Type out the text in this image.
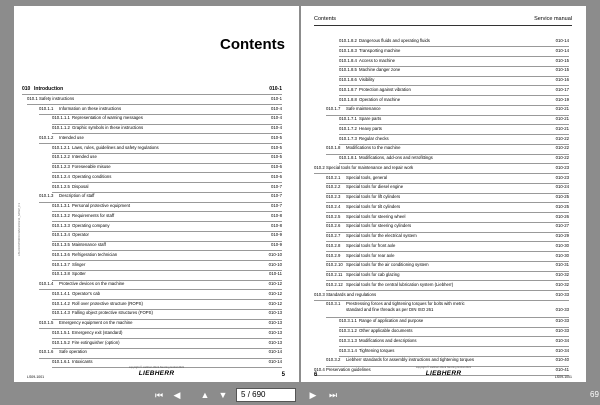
Contents
LBH/10665906/V9/EN/20211_MNW_C1
010 Introduction	010-1
010.1 Safety instructions	010-1
010.1.1 Information on these instructions	010-4
010.1.1.1 Representation of warning messages	010-4
010.1.1.2 Graphic symbols in these instructions	010-4
010.1.2 Intended use	010-5
010.1.2.1 Laws, rules, guidelines and safety regulations	010-5
010.1.2.2 Intended use	010-5
010.1.2.3 Foreseeable misuse	010-6
010.1.2.4 Operating conditions	010-6
010.1.2.5 Disposal	010-7
010.1.3 Description of staff	010-7
010.1.3.1 Personal protective equipment	010-7
010.1.3.2 Requirements for staff	010-8
010.1.3.3 Operating company	010-8
010.1.3.4 Operator	010-9
010.1.3.5 Maintenance staff	010-9
010.1.3.6 Refrigeration technician	010-10
010.1.3.7 Slinger	010-10
010.1.3.8 Spotter	010-11
010.1.4 Protective devices on the machine	010-12
010.1.4.1 Operator's cab	010-12
010.1.4.2 Roll over protective structure (ROPS)	010-12
010.1.4.3 Falling object protective structures (FOPS)	010-13
010.1.5 Emergency equipment on the machine	010-13
010.1.5.1 Emergency exit (standard)	010-13
010.1.5.2 Fire extinguisher (option)	010-13
010.1.6 Safe operation	010-14
010.1.6.1 Intoxicants	010-14
copyright © Liebherr-Werk Nenzing GmbH 2021
LIEBHERR
LS09-1001	5
Contents	Service manual
010.1.8.2 Dangerous fluids and operating fluids	010-14
010.1.8.3 Transporting machine	010-14
010.1.8.4 Access to machine	010-15
010.1.8.5 Machine danger zone	010-15
010.1.8.6 Visibility	010-16
010.1.8.7 Protection against vibration	010-17
010.1.8.8 Operation of machine	010-19
010.1.7 Safe maintenance	010-21
010.1.7.1 Spare parts	010-21
010.1.7.2 Heavy parts	010-21
010.1.7.3 Regular checks	010-22
010.1.8 Modifications to the machine	010-22
010.1.8.1 Modifications, add-ons and retrofittings	010-22
010.2 Special tools for maintenance and repair work	010-23
010.2.1 Special tools, general	010-23
010.2.2 Special tools for diesel engine	010-24
010.2.3 Special tools for lift cylinders	010-25
010.2.4 Special tools for tilt cylinders	010-25
010.2.5 Special tools for steering wheel	010-26
010.2.6 Special tools for steering cylinders	010-27
010.2.7 Special tools for the electrical system	010-29
010.2.8 Special tools for front axle	010-30
010.2.9 Special tools for rear axle	010-30
010.2.10 Special tools for the air conditioning system	010-31
010.2.11 Special tools for cab glazing	010-32
010.2.12 Special tools for the central lubrication system (Liebherr)	010-32
010.3 Standards and regulations	010-33
010.3.1 Prestressing forces and tightening torques for bolts with metric
standard and fine threads as per DIN ISO 261	010-33
010.3.1.1 Range of application and purpose	010-33
010.3.1.2 Other applicable documents	010-33
010.3.1.3 Modifications and descriptions	010-34
010.3.1.4 Tightening torques	010-34
010.3.2 Liebherr standards for assembly instructions and tightening torques	010-40
010.4 Preservation guidelines	010-41
copyright © Liebherr-Werk Nenzing GmbH 2021
LIEBHERR
6	LS09-1001
⏮	◀	▲ ▼	5 / 690	▶	⏭	69
